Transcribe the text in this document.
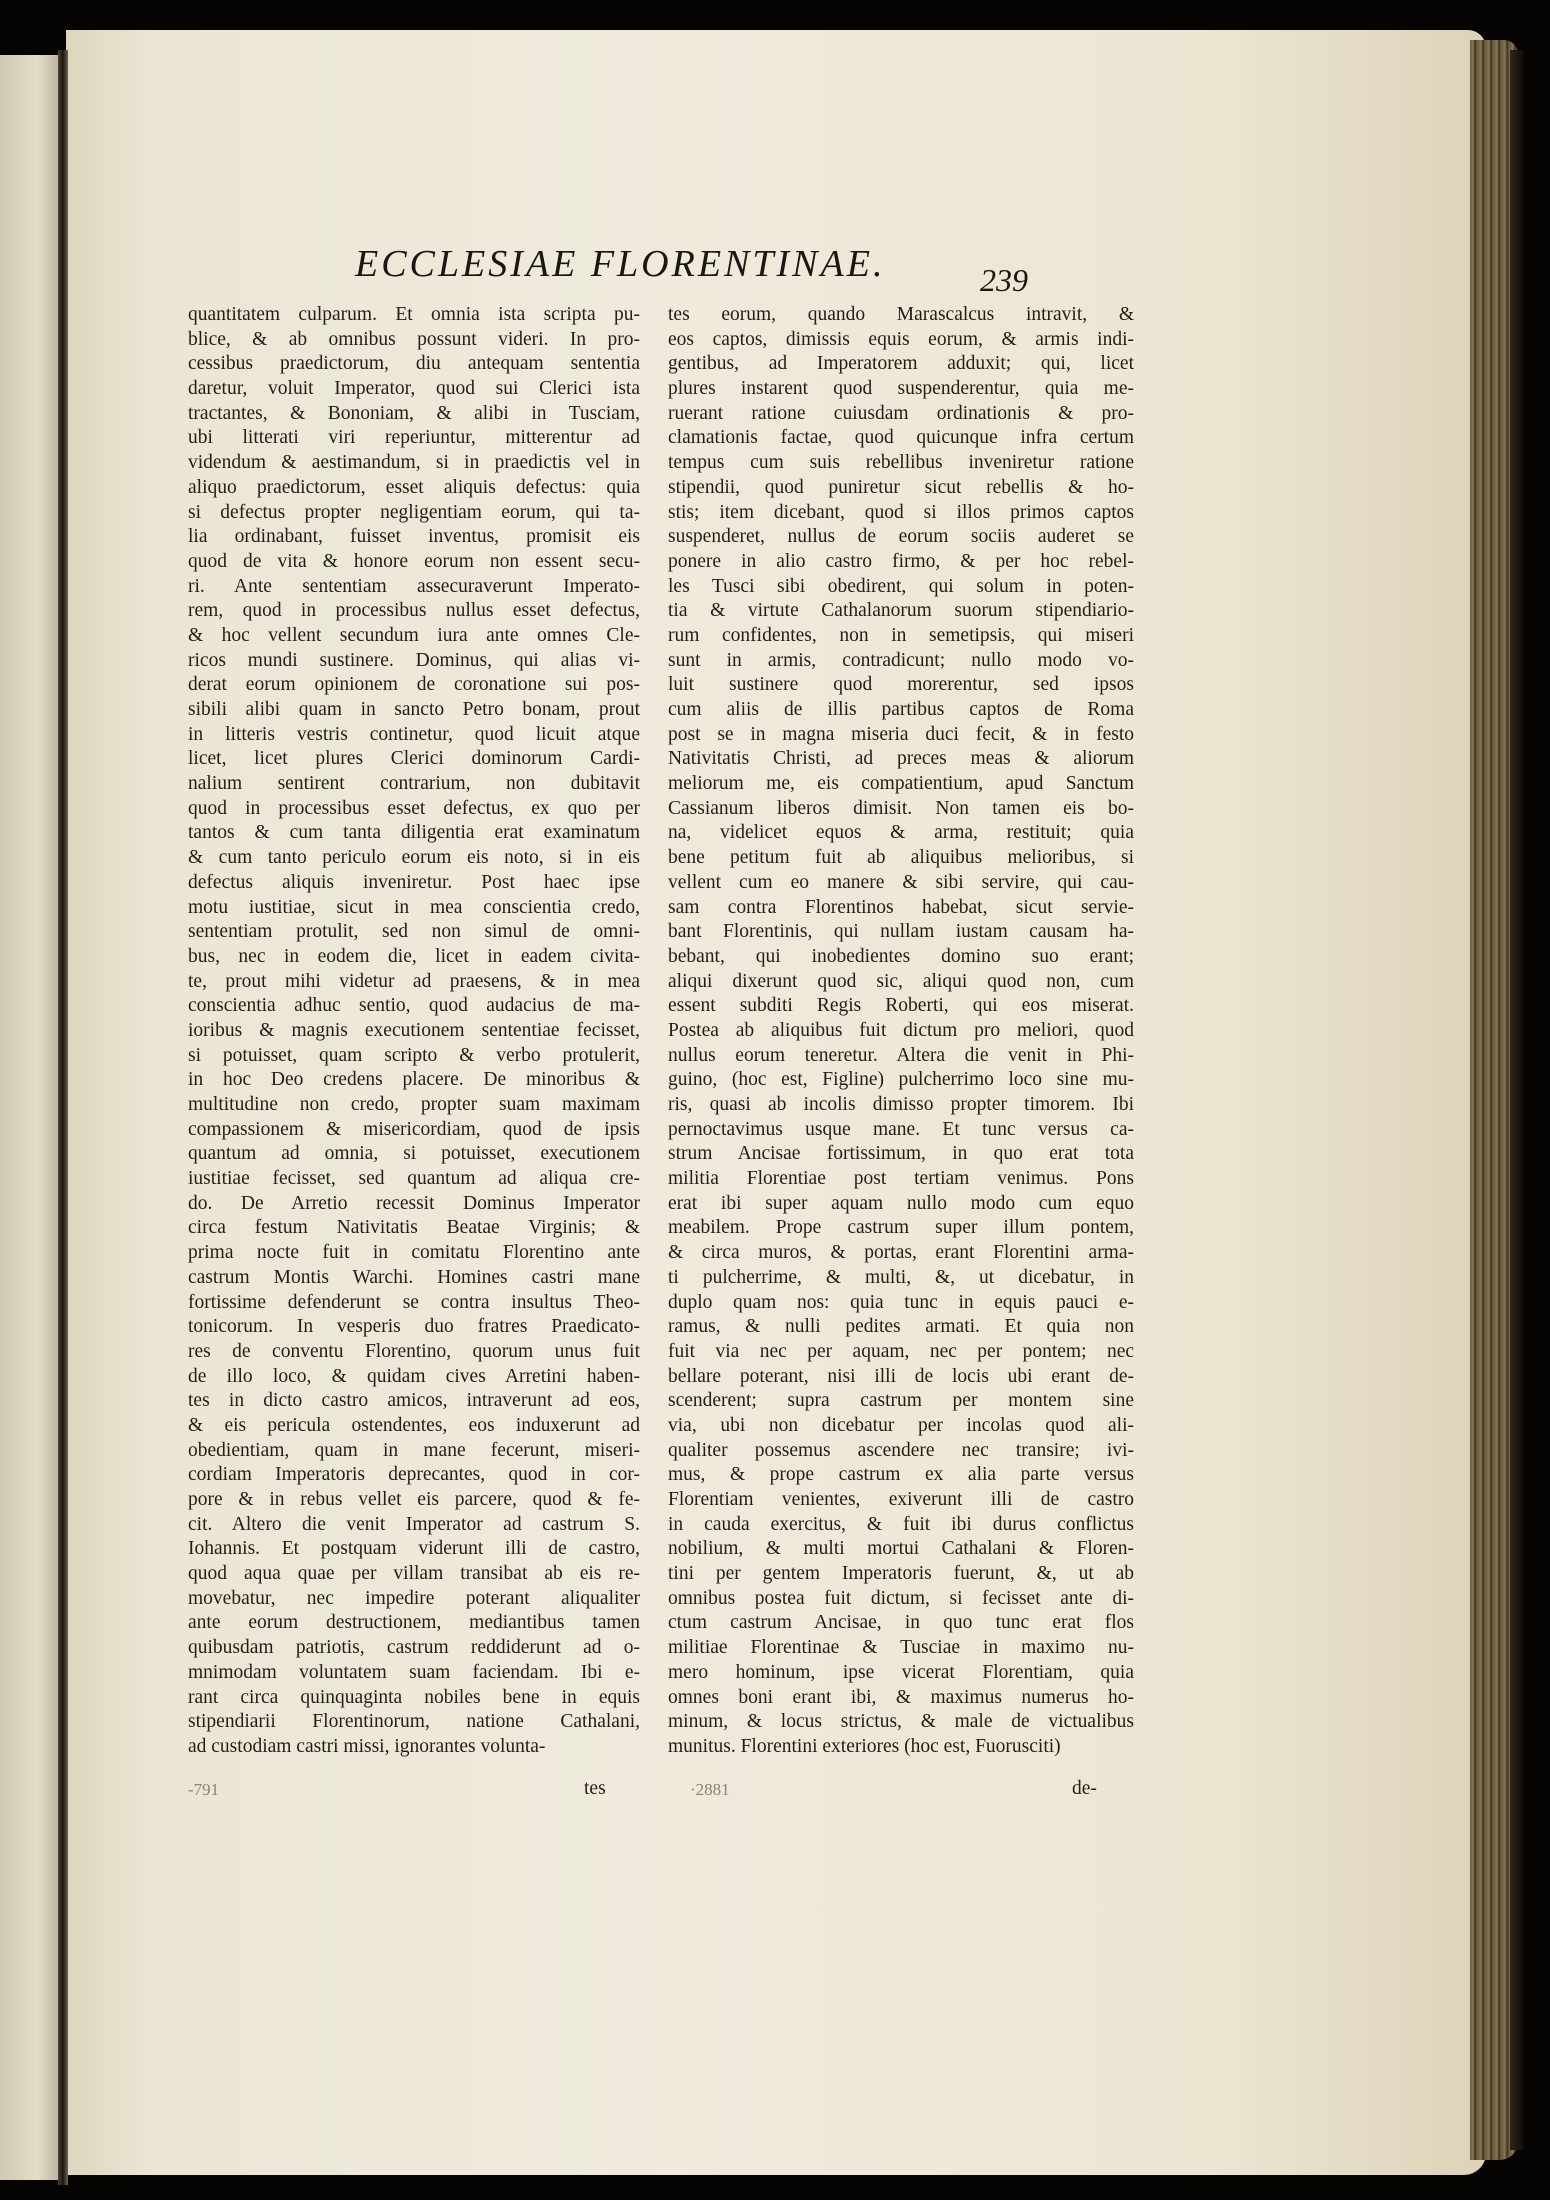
ECCLESIAE FLORENTINAE.	239
quantitatem culparum. Et omnia ista scripta pu-
blice, & ab omnibus possunt videri. In pro-
cessibus praedictorum, diu antequam sententia
daretur, voluit Imperator, quod sui Clerici ista
tractantes, & Bononiam, & alibi in Tusciam,
ubi litterati viri reperiuntur, mitterentur ad
videndum & aestimandum, si in praedictis vel in
aliquo praedictorum, esset aliquis defectus: quia
si defectus propter negligentiam eorum, qui ta-
lia ordinabant, fuisset inventus, promisit eis
quod de vita & honore eorum non essent secu-
ri. Ante sententiam assecuraverunt Imperato-
rem, quod in processibus nullus esset defectus,
& hoc vellent secundum iura ante omnes Cle-
ricos mundi sustinere. Dominus, qui alias vi-
derat eorum opinionem de coronatione sui pos-
sibili alibi quam in sancto Petro bonam, prout
in litteris vestris continetur, quod licuit atque
licet, licet plures Clerici dominorum Cardi-
nalium sentirent contrarium, non dubitavit
quod in processibus esset defectus, ex quo per
tantos & cum tanta diligentia erat examinatum
& cum tanto periculo eorum eis noto, si in eis
defectus aliquis inveniretur. Post haec ipse
motu iustitiae, sicut in mea conscientia credo,
sententiam protulit, sed non simul de omni-
bus, nec in eodem die, licet in eadem civita-
te, prout mihi videtur ad praesens, & in mea
conscientia adhuc sentio, quod audacius de ma-
ioribus & magnis executionem sententiae fecisset,
si potuisset, quam scripto & verbo protulerit,
in hoc Deo credens placere. De minoribus &
multitudine non credo, propter suam maximam
compassionem & misericordiam, quod de ipsis
quantum ad omnia, si potuisset, executionem
iustitiae fecisset, sed quantum ad aliqua cre-
do. De Arretio recessit Dominus Imperator
circa festum Nativitatis Beatae Virginis; &
prima nocte fuit in comitatu Florentino ante
castrum Montis Warchi. Homines castri mane
fortissime defenderunt se contra insultus Theo-
tonicorum. In vesperis duo fratres Praedicato-
res de conventu Florentino, quorum unus fuit
de illo loco, & quidam cives Arretini haben-
tes in dicto castro amicos, intraverunt ad eos,
& eis pericula ostendentes, eos induxerunt ad
obedientiam, quam in mane fecerunt, miseri-
cordiam Imperatoris deprecantes, quod in cor-
pore & in rebus vellet eis parcere, quod & fe-
cit. Altero die venit Imperator ad castrum S.
Iohannis. Et postquam viderunt illi de castro,
quod aqua quae per villam transibat ab eis re-
movebatur, nec impedire poterant aliqualiter
ante eorum destructionem, mediantibus tamen
quibusdam patriotis, castrum reddiderunt ad o-
mnimodam voluntatem suam faciendam. Ibi e-
rant circa quinquaginta nobiles bene in equis
stipendiarii Florentinorum, natione Cathalani,
ad custodiam castri missi, ignorantes volunta-
tes eorum, quando Marascalcus intravit, &
eos captos, dimissis equis eorum, & armis indi-
gentibus, ad Imperatorem adduxit; qui, licet
plures instarent quod suspenderentur, quia me-
ruerant ratione cuiusdam ordinationis & pro-
clamationis factae, quod quicunque infra certum
tempus cum suis rebellibus inveniretur ratione
stipendii, quod puniretur sicut rebellis & ho-
stis; item dicebant, quod si illos primos captos
suspenderet, nullus de eorum sociis auderet se
ponere in alio castro firmo, & per hoc rebel-
les Tusci sibi obedirent, qui solum in poten-
tia & virtute Cathalanorum suorum stipendiario-
rum confidentes, non in semetipsis, qui miseri
sunt in armis, contradicunt; nullo modo vo-
luit sustinere quod morerentur, sed ipsos
cum aliis de illis partibus captos de Roma
post se in magna miseria duci fecit, & in festo
Nativitatis Christi, ad preces meas & aliorum
meliorum me, eis compatientium, apud Sanctum
Cassianum liberos dimisit. Non tamen eis bo-
na, videlicet equos & arma, restituit; quia
bene petitum fuit ab aliquibus melioribus, si
vellent cum eo manere & sibi servire, qui cau-
sam contra Florentinos habebat, sicut servie-
bant Florentinis, qui nullam iustam causam ha-
bebant, qui inobedientes domino suo erant;
aliqui dixerunt quod sic, aliqui quod non, cum
essent subditi Regis Roberti, qui eos miserat.
Postea ab aliquibus fuit dictum pro meliori, quod
nullus eorum teneretur. Altera die venit in Phi-
guino, (hoc est, Figline) pulcherrimo loco sine mu-
ris, quasi ab incolis dimisso propter timorem. Ibi
pernoctavimus usque mane. Et tunc versus ca-
strum Ancisae fortissimum, in quo erat tota
militia Florentiae post tertiam venimus. Pons
erat ibi super aquam nullo modo cum equo
meabilem. Prope castrum super illum pontem,
& circa muros, & portas, erant Florentini arma-
ti pulcherrime, & multi, &, ut dicebatur, in
duplo quam nos: quia tunc in equis pauci e-
ramus, & nulli pedites armati. Et quia non
fuit via nec per aquam, nec per pontem; nec
bellare poterant, nisi illi de locis ubi erant de-
scenderent; supra castrum per montem sine
via, ubi non dicebatur per incolas quod ali-
qualiter possemus ascendere nec transire; ivi-
mus, & prope castrum ex alia parte versus
Florentiam venientes, exiverunt illi de castro
in cauda exercitus, & fuit ibi durus conflictus
nobilium, & multi mortui Cathalani & Floren-
tini per gentem Imperatoris fuerunt, &, ut ab
omnibus postea fuit dictum, si fecisset ante di-
ctum castrum Ancisae, in quo tunc erat flos
militiae Florentinae & Tusciae in maximo nu-
mero hominum, ipse vicerat Florentiam, quia
omnes boni erant ibi, & maximus numerus ho-
minum, & locus strictus, & male de victualibus
munitus. Florentini exteriores (hoc est, Fuorusciti)
-791	·2881
tes	de-
